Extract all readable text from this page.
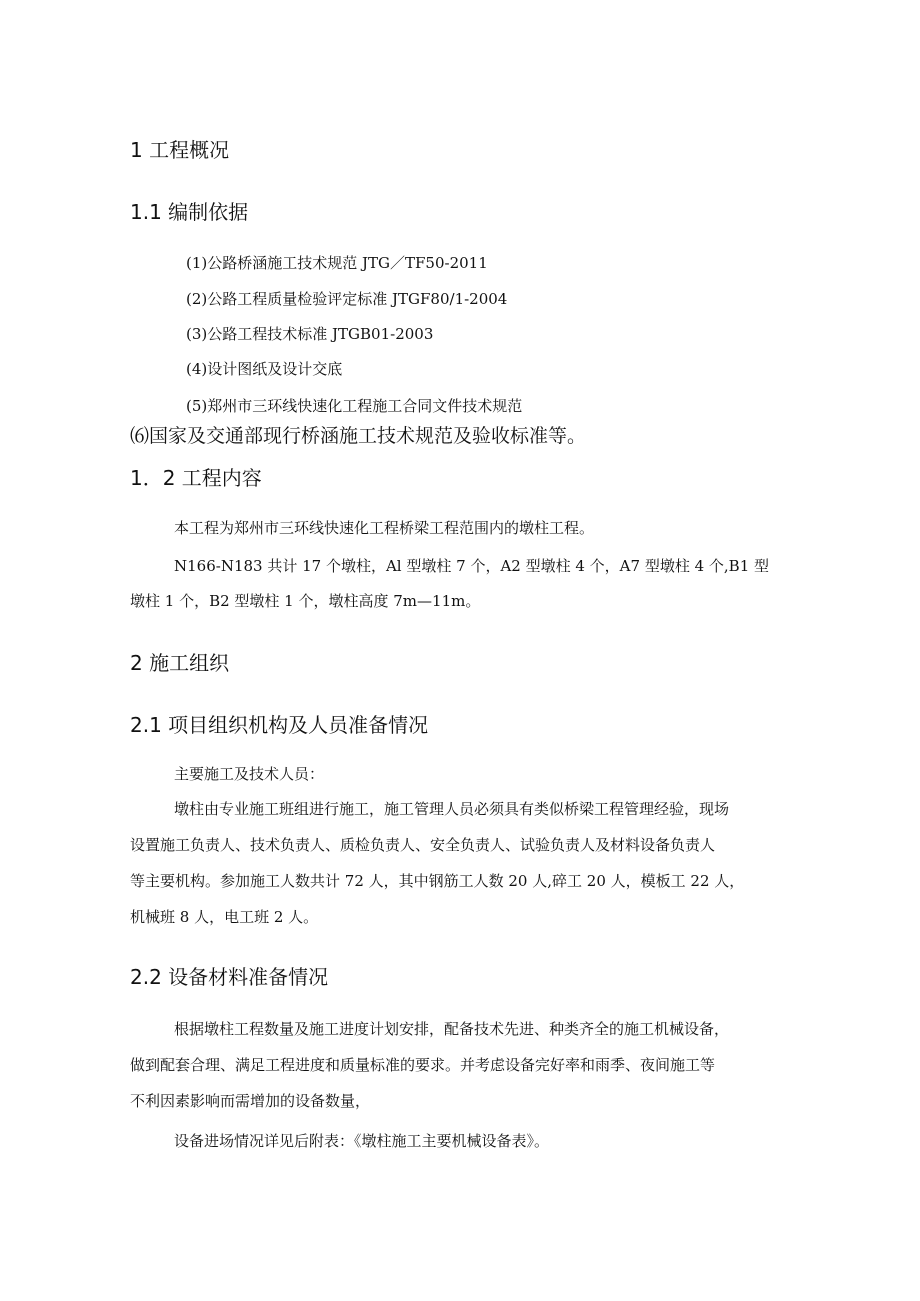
1 工程概况
1.1 编制依据

(1)公路桥涵施工技术规范 JTG／TF50-2011

(2)公路工程质量检验评定标准 JTGF80/1-2004

(3)公路工程技术标准 JTGB01-2003

(4)设计图纸及设计交底

(5)郑州市三环线快速化工程施工合同文件技术规范

⑹国家及交通部现行桥涵施工技术规范及验收标准等。

1．2 工程内容

本工程为郑州市三环线快速化工程桥梁工程范围内的墩柱工程。

N166-N183 共计 17 个墩柱，Al 型墩柱 7 个，A2 型墩柱 4 个，A7 型墩柱 4 个,B1 型

墩柱 1 个，B2 型墩柱 1 个，墩柱高度 7m—11m。

2 施工组织
2.1 项目组织机构及人员准备情况

主要施工及技术人员：

墩柱由专业施工班组进行施工，施工管理人员必须具有类似桥梁工程管理经验，现场

设置施工负责人、技术负责人、质检负责人、安全负责人、试验负责人及材料设备负责人

等主要机构。参加施工人数共计 72 人，其中钢筋工人数 20 人,碎工 20 人，模板工 22 人，

机械班 8 人，电工班 2 人。

2.2 设备材料准备情况

根据墩柱工程数量及施工进度计划安排，配备技术先进、种类齐全的施工机械设备，

做到配套合理、满足工程进度和质量标准的要求。并考虑设备完好率和雨季、夜间施工等

不利因素影响而需增加的设备数量，

设备进场情况详见后附表：《墩柱施工主要机械设备表》。
